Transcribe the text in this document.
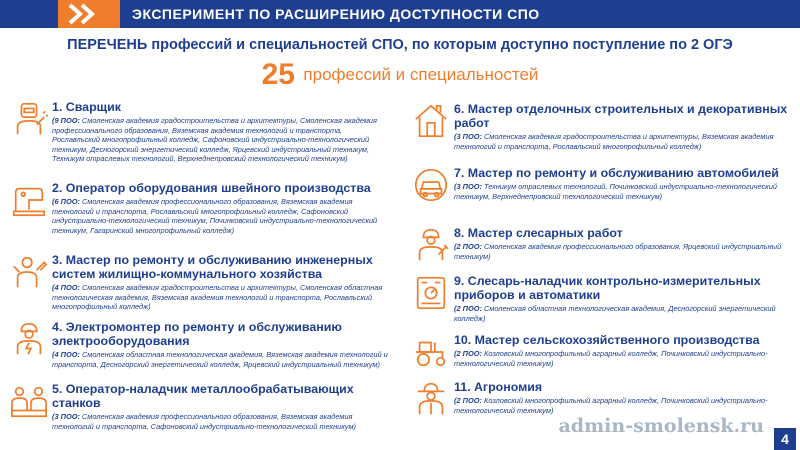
ЭКСПЕРИМЕНТ ПО РАСШИРЕНИЮ ДОСТУПНОСТИ СПО
ПЕРЕЧЕНЬ профессий и специальностей СПО, по которым доступно поступление по 2 ОГЭ
25 профессий и специальностей
1. Сварщик
(9 ПОО: Смоленская академия градостроительства и архитектуры, Смоленская академия профессионального образования, Вяземская академия технологий и транспорта, Рославльский многопрофильный колледж, Сафоновский индустриально-технологический техникум, Десногорский энергетический колледж, Ярцевский индустриальный техникум, Техникум отраслевых технологий, Верхнеднепровский технологический техникум)
2. Оператор оборудования швейного производства
(6 ПОО: Смоленская академия профессионального образования, Вяземская академия технологий и транспорта, Рославльский многопрофильный колледж, Сафоновский индустриально-технологический техникум, Починковский индустриально-технологический техникум, Гагаринский многопрофильный колледж)
3. Мастер по ремонту и обслуживанию инженерных систем жилищно-коммунального хозяйства
(4 ПОО: Смоленская академия градостроительства и архитектуры, Смоленская областная технологическая академия, Вяземская академия технологий и транспорта, Рославльский многопрофильный колледж)
4. Электромонтер по ремонту и обслуживанию электрооборудования
(4 ПОО: Смоленская областная технологическая академия, Вяземская академия технологий и транспорта, Десногорский энергетический колледж, Ярцевский индустриальный техникум)
5. Оператор-наладчик металлообрабатывающих станков
(3 ПОО: Смоленская академия профессионального образования, Вяземская академия технологий и транспорта, Сафоновский индустриально-технологический техникум)
6. Мастер отделочных строительных и декоративных работ
(3 ПОО: Смоленская академия градостроительства и архитектуры, Вяземская академия технологий и транспорта, Рославльский многопрофильный колледж)
7. Мастер по ремонту и обслуживанию автомобилей
(3 ПОО: Техникум отраслевых технологий, Починковский индустриально-технологический техникум, Верхнеднепровский технологический техникум)
8. Мастер слесарных работ
(2 ПОО: Смоленская академия профессионального образования, Ярцевский индустриальный техникум)
9. Слесарь-наладчик контрольно-измерительных приборов и автоматики
(2 ПОО: Смоленская областная технологическая академия, Десногорский энергетический колледж)
10. Мастер сельскохозяйственного производства
(2 ПОО: Козловский многопрофильный аграрный колледж, Починковский индустриально-технологический техникум)
11. Агрономия
(2 ПОО: Козловский многопрофильный аграрный колледж, Починковский индустриально-технологический техникум)
admin-smolensk.ru
4
